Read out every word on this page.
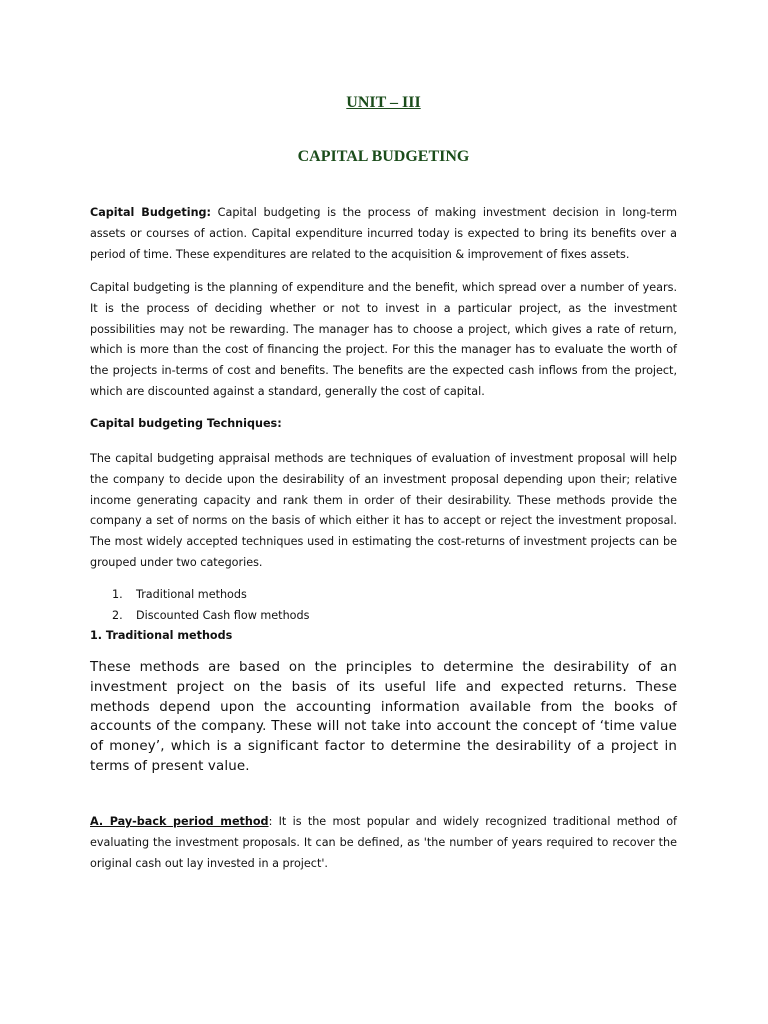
UNIT – III
CAPITAL BUDGETING

Capital Budgeting: Capital budgeting is the process of making investment decision in long-term assets or courses of action. Capital expenditure incurred today is expected to bring its benefits over a period of time. These expenditures are related to the acquisition & improvement of fixes assets.

Capital budgeting is the planning of expenditure and the benefit, which spread over a number of years. It is the process of deciding whether or not to invest in a particular project, as the investment possibilities may not be rewarding. The manager has to choose a project, which gives a rate of return, which is more than the cost of financing the project. For this the manager has to evaluate the worth of the projects in-terms of cost and benefits. The benefits are the expected cash inflows from the project, which are discounted against a standard, generally the cost of capital.

Capital budgeting Techniques:

The capital budgeting appraisal methods are techniques of evaluation of investment proposal will help the company to decide upon the desirability of an investment proposal depending upon their; relative income generating capacity and rank them in order of their desirability. These methods provide the company a set of norms on the basis of which either it has to accept or reject the investment proposal. The most widely accepted techniques used in estimating the cost-returns of investment projects can be grouped under two categories.

1.	Traditional methods
2.	Discounted Cash flow methods

1. Traditional methods

These methods are based on the principles to determine the desirability of an investment project on the basis of its useful life and expected returns. These methods depend upon the accounting information available from the books of accounts of the company. These will not take into account the concept of ‘time value of money’, which is a significant factor to determine the desirability of a project in terms of present value.

A. Pay-back period method: It is the most popular and widely recognized traditional method of evaluating the investment proposals. It can be defined, as 'the number of years required to recover the original cash out lay invested in a project'.
